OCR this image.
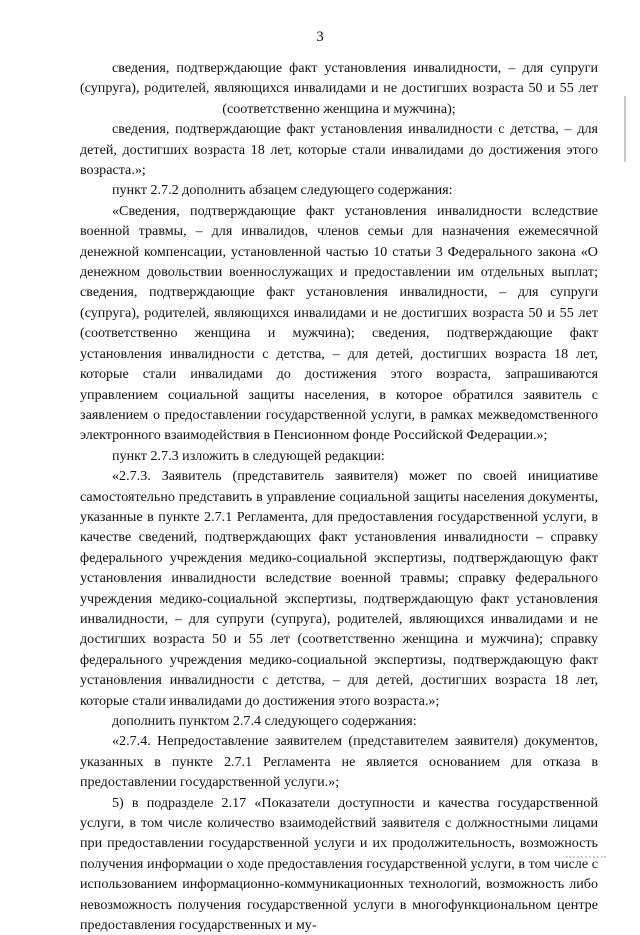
3

сведения, подтверждающие факт установления инвалидности, – для супруги (супруга), родителей, являющихся инвалидами и не достигших возраста 50 и 55 лет (соответственно женщина и мужчина);

сведения, подтверждающие факт установления инвалидности с детства, – для детей, достигших возраста 18 лет, которые стали инвалидами до достижения этого возраста.»;

пункт 2.7.2 дополнить абзацем следующего содержания:

«Сведения, подтверждающие факт установления инвалидности вследствие военной травмы, – для инвалидов, членов семьи для назначения ежемесячной денежной компенсации, установленной частью 10 статьи 3 Федерального закона «О денежном довольствии военнослужащих и предоставлении им отдельных выплат; сведения, подтверждающие факт установления инвалидности, – для супруги (супруга), родителей, являющихся инвалидами и не достигших возраста 50 и 55 лет (соответственно женщина и мужчина); сведения, подтверждающие факт установления инвалидности с детства, – для детей, достигших возраста 18 лет, которые стали инвалидами до достижения этого возраста, запрашиваются управлением социальной защиты населения, в которое обратился заявитель с заявлением о предоставлении государственной услуги, в рамках межведомственного электронного взаимодействия в Пенсионном фонде Российской Федерации.»;

пункт 2.7.3 изложить в следующей редакции:

«2.7.3. Заявитель (представитель заявителя) может по своей инициативе самостоятельно представить в управление социальной защиты населения документы, указанные в пункте 2.7.1 Регламента, для предоставления государственной услуги, в качестве сведений, подтверждающих факт установления инвалидности – справку федерального учреждения медико-социальной экспертизы, подтверждающую факт установления инвалидности вследствие военной травмы; справку федерального учреждения медико-социальной экспертизы, подтверждающую факт установления инвалидности, – для супруги (супруга), родителей, являющихся инвалидами и не достигших возраста 50 и 55 лет (соответственно женщина и мужчина); справку федерального учреждения медико-социальной экспертизы, подтверждающую факт установления инвалидности с детства, – для детей, достигших возраста 18 лет, которые стали инвалидами до достижения этого возраста.»;

дополнить пунктом 2.7.4 следующего содержания:

«2.7.4. Непредоставление заявителем (представителем заявителя) документов, указанных в пункте 2.7.1 Регламента не является основанием для отказа в предоставлении государственной услуги.»;

5) в подразделе 2.17 «Показатели доступности и качества государственной услуги, в том числе количество взаимодействий заявителя с должностными лицами при предоставлении государственной услуги и их продолжительность, возможность получения информации о ходе предоставления государственной услуги, в том числе с использованием информационно-коммуникационных технологий, возможность либо невозможность получения государственной услуги в многофункциональном центре предоставления государственных и му-
